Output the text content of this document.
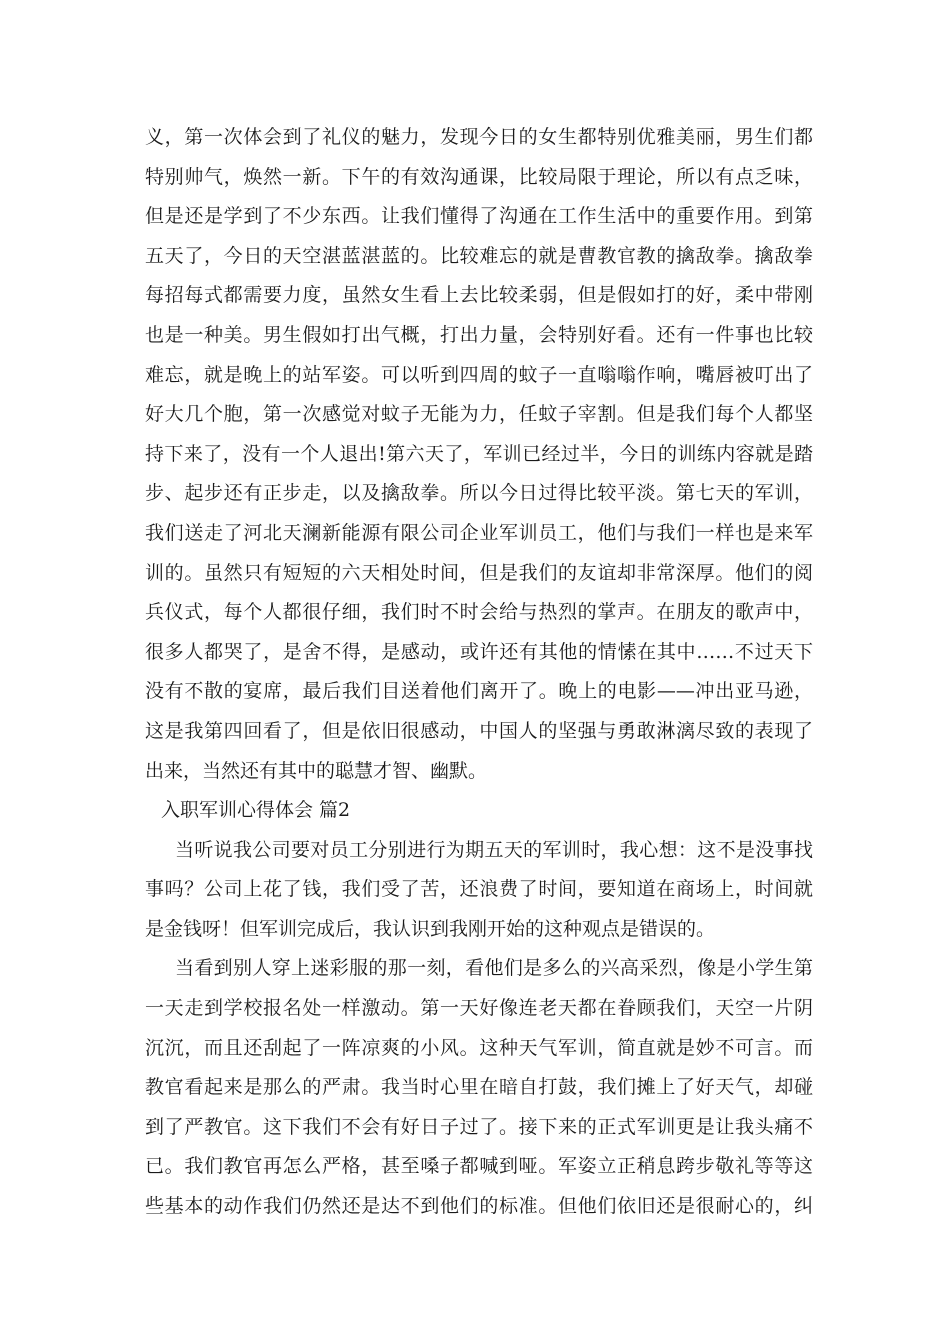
义，第一次体会到了礼仪的魅力，发现今日的女生都特别优雅美丽，男生们都
特别帅气，焕然一新。下午的有效沟通课，比较局限于理论，所以有点乏味，
但是还是学到了不少东西。让我们懂得了沟通在工作生活中的重要作用。到第
五天了，今日的天空湛蓝湛蓝的。比较难忘的就是曹教官教的擒敌拳。擒敌拳
每招每式都需要力度，虽然女生看上去比较柔弱，但是假如打的好，柔中带刚
也是一种美。男生假如打出气概，打出力量，会特别好看。还有一件事也比较
难忘，就是晚上的站军姿。可以听到四周的蚊子一直嗡嗡作响，嘴唇被叮出了
好大几个胞，第一次感觉对蚊子无能为力，任蚊子宰割。但是我们每个人都坚
持下来了，没有一个人退出!第六天了，军训已经过半，今日的训练内容就是踏
步、起步还有正步走，以及擒敌拳。所以今日过得比较平淡。第七天的军训，
我们送走了河北天澜新能源有限公司企业军训员工，他们与我们一样也是来军
训的。虽然只有短短的六天相处时间，但是我们的友谊却非常深厚。他们的阅
兵仪式，每个人都很仔细，我们时不时会给与热烈的掌声。在朋友的歌声中，
很多人都哭了，是舍不得，是感动，或许还有其他的情愫在其中……不过天下
没有不散的宴席，最后我们目送着他们离开了。晚上的电影——冲出亚马逊，
这是我第四回看了，但是依旧很感动，中国人的坚强与勇敢淋漓尽致的表现了
出来，当然还有其中的聪慧才智、幽默。
入职军训心得体会 篇2
当听说我公司要对员工分别进行为期五天的军训时，我心想：这不是没事找
事吗？公司上花了钱，我们受了苦，还浪费了时间，要知道在商场上，时间就
是金钱呀！但军训完成后，我认识到我刚开始的这种观点是错误的。
当看到别人穿上迷彩服的那一刻，看他们是多么的兴高采烈，像是小学生第
一天走到学校报名处一样激动。第一天好像连老天都在眷顾我们，天空一片阴
沉沉，而且还刮起了一阵凉爽的小风。这种天气军训，简直就是妙不可言。而
教官看起来是那么的严肃。我当时心里在暗自打鼓，我们摊上了好天气，却碰
到了严教官。这下我们不会有好日子过了。接下来的正式军训更是让我头痛不
已。我们教官再怎么严格，甚至嗓子都喊到哑。军姿立正稍息跨步敬礼等等这
些基本的动作我们仍然还是达不到他们的标准。但他们依旧还是很耐心的，纠
